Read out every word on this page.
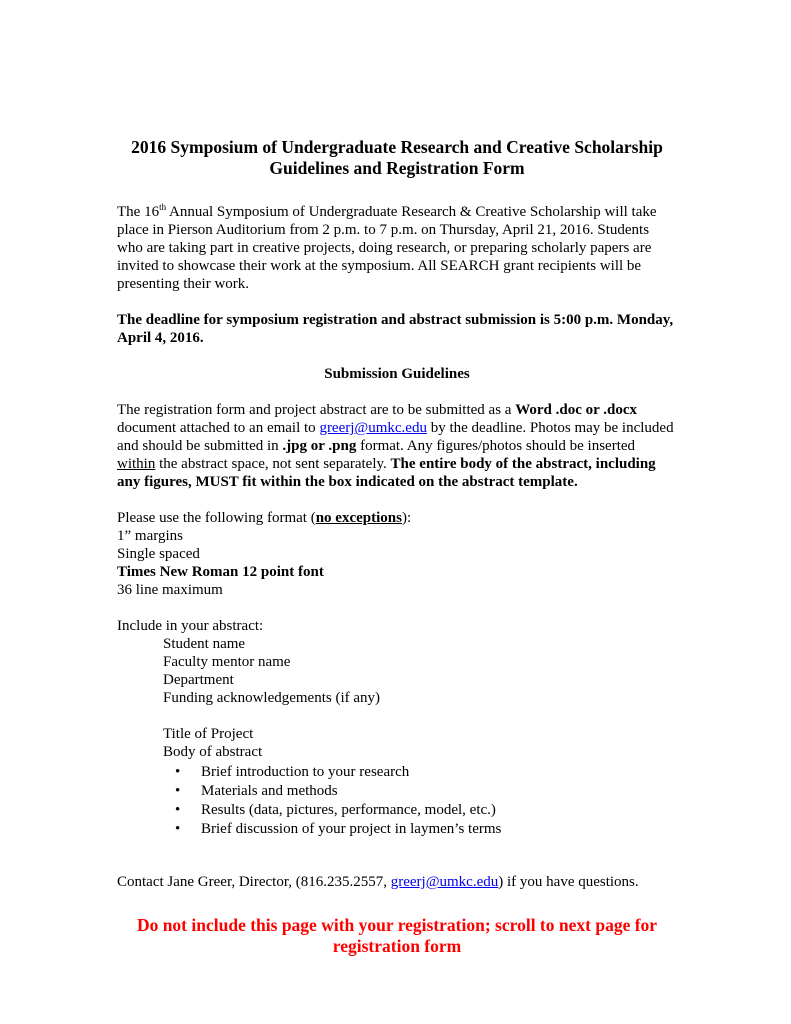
2016 Symposium of Undergraduate Research and Creative Scholarship
Guidelines and Registration Form

The 16th Annual Symposium of Undergraduate Research & Creative Scholarship will take place in Pierson Auditorium from 2 p.m. to 7 p.m. on Thursday, April 21, 2016. Students who are taking part in creative projects, doing research, or preparing scholarly papers are invited to showcase their work at the symposium. All SEARCH grant recipients will be presenting their work.

The deadline for symposium registration and abstract submission is 5:00 p.m. Monday, April 4, 2016.

Submission Guidelines

The registration form and project abstract are to be submitted as a Word .doc or .docx document attached to an email to greerj@umkc.edu by the deadline. Photos may be included and should be submitted in .jpg or .png format. Any figures/photos should be inserted within the abstract space, not sent separately. The entire body of the abstract, including any figures, MUST fit within the box indicated on the abstract template.

Please use the following format (no exceptions):

1” margins

Single spaced

Times New Roman 12 point font

36 line maximum

Include in your abstract:

Student name

Faculty mentor name

Department

Funding acknowledgements (if any)

Title of Project

Body of abstract

• Brief introduction to your research
• Materials and methods
• Results (data, pictures, performance, model, etc.)
• Brief discussion of your project in laymen’s terms

Contact Jane Greer, Director, (816.235.2557, greerj@umkc.edu) if you have questions.

Do not include this page with your registration; scroll to next page for registration form
